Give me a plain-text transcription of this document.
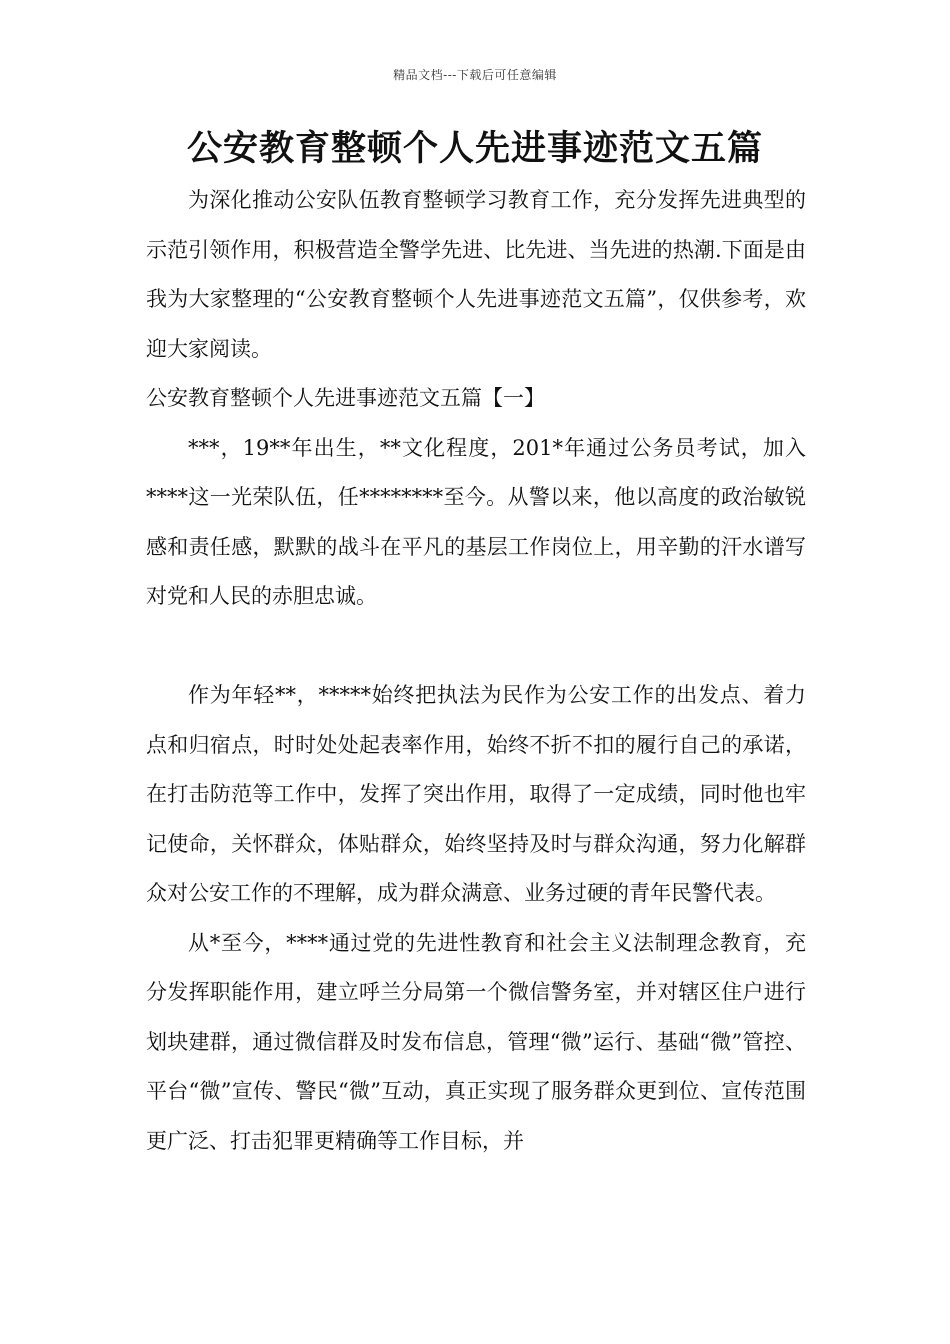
精品文档---下载后可任意编辑
公安教育整顿个人先进事迹范文五篇

为深化推动公安队伍教育整顿学习教育工作，充分发挥先进典型的示范引领作用，积极营造全警学先进、比先进、当先进的热潮.下面是由我为大家整理的“公安教育整顿个人先进事迹范文五篇”，仅供参考，欢迎大家阅读。

公安教育整顿个人先进事迹范文五篇【一】

***，19**年出生，**文化程度，201*年通过公务员考试，加入****这一光荣队伍，任********至今。从警以来，他以高度的政治敏锐感和责任感，默默的战斗在平凡的基层工作岗位上，用辛勤的汗水谱写对党和人民的赤胆忠诚。

作为年轻**，*****始终把执法为民作为公安工作的出发点、着力点和归宿点，时时处处起表率作用，始终不折不扣的履行自己的承诺，在打击防范等工作中，发挥了突出作用，取得了一定成绩，同时他也牢记使命，关怀群众，体贴群众，始终坚持及时与群众沟通，努力化解群众对公安工作的不理解，成为群众满意、业务过硬的青年民警代表。

从*至今，****通过党的先进性教育和社会主义法制理念教育，充分发挥职能作用，建立呼兰分局第一个微信警务室，并对辖区住户进行划块建群，通过微信群及时发布信息，管理“微”运行、基础“微”管控、平台“微”宣传、警民“微”互动，真正实现了服务群众更到位、宣传范围更广泛、打击犯罪更精确等工作目标，并
